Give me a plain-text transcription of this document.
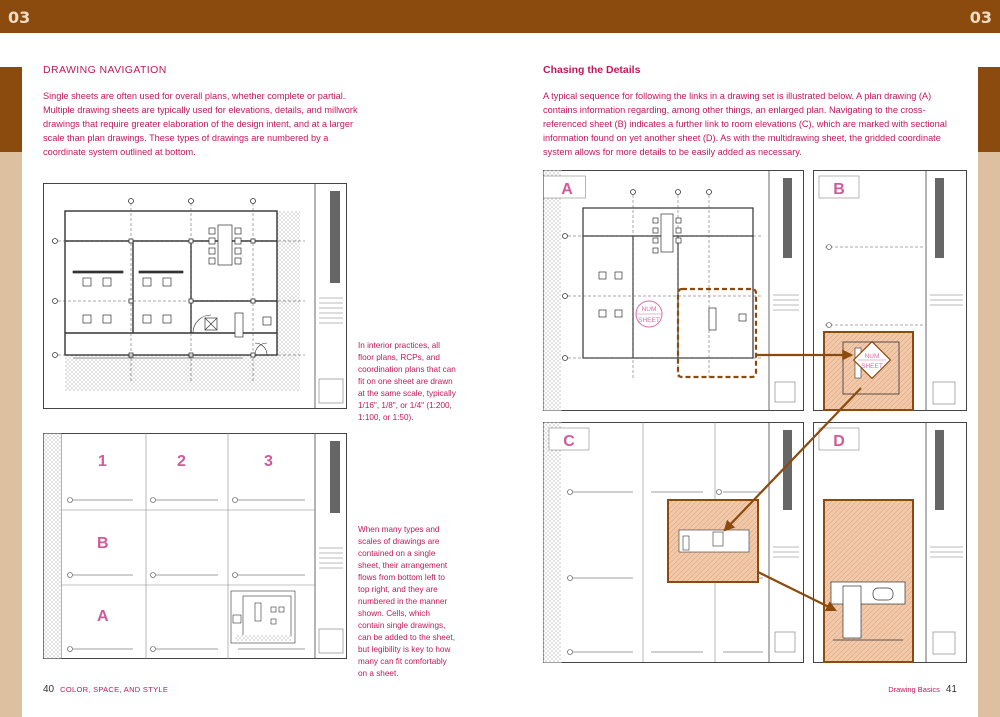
03	03
DRAWING NAVIGATION
Single sheets are often used for overall plans, whether complete or partial. Multiple drawing sheets are typically used for elevations, details, and millwork drawings that require greater elaboration of the design intent, and at a larger scale than plan drawings. These types of drawings are numbered by a coordinate system outlined at bottom.
In interior practices, all floor plans, RCPs, and coordination plans that can fit on one sheet are drawn at the same scale, typically 1/16", 1/8", or 1/4" (1:200, 1:100, or 1:50).
1	2	3
B
A
When many types and scales of drawings are contained on a single sheet, their arrangement flows from bottom left to top right, and they are numbered in the manner shown. Cells, which contain single drawings, can be added to the sheet, but legibility is key to how many can fit comfortably on a sheet.
Chasing the Details
A typical sequence for following the links in a drawing set is illustrated below. A plan drawing (A) contains information regarding, among other things, an enlarged plan. Navigating to the cross-referenced sheet (B) indicates a further link to room elevations (C), which are marked with sectional information found on yet another sheet (D). As with the multidrawing sheet, the gridded coordinate system allows for more details to be easily added as necessary.
NUM
SHEET
A
NUM
SHEET
B
C	D
40 COLOR, SPACE, AND STYLE	Drawing Basics 41
